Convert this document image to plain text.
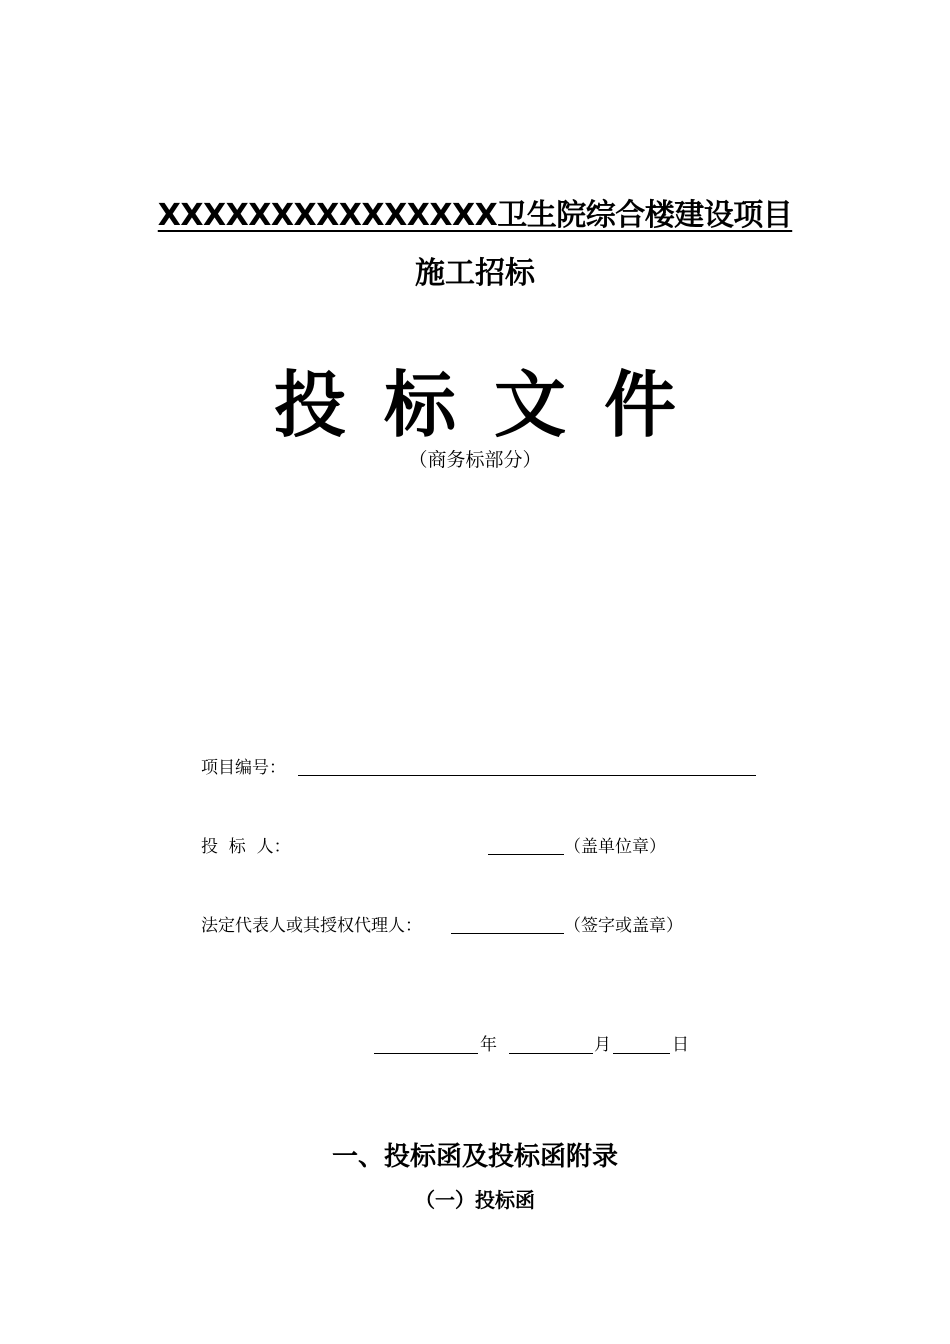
XXXXXXXXXXXXXXX卫生院综合楼建设项目
施工招标
投 标 文 件
（商务标部分）
项目编号：
投  标  人：	（盖单位章）
法定代表人或其授权代理人：	（签字或盖章）
年	月	日
一、投标函及投标函附录
（一）投标函
